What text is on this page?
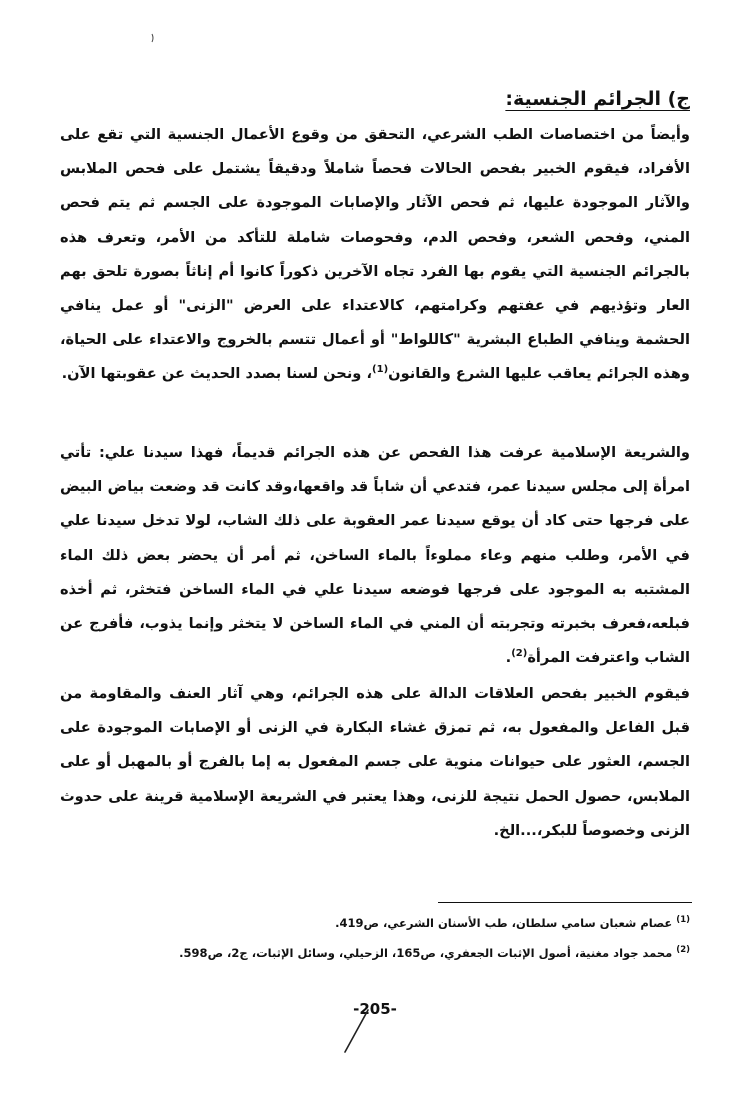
ج) الجرائم الجنسية:

وأيضاً من اختصاصات الطب الشرعي، التحقق من وقوع الأعمال الجنسية التي تقع على الأفراد، فيقوم الخبير بفحص الحالات فحصاً شاملاً ودقيقاً يشتمل على فحص الملابس والآثار الموجودة عليها، ثم فحص الآثار والإصابات الموجودة على الجسم ثم يتم فحص المني، وفحص الشعر، وفحص الدم، وفحوصات شاملة للتأكد من الأمر، وتعرف هذه بالجرائم الجنسية التي يقوم بها الفرد تجاه الآخرين ذكوراً كانوا أم إناثاً بصورة تلحق بهم العار وتؤذيهم في عفتهم وكرامتهم، كالاعتداء على العرض "الزنى" أو عمل ينافي الحشمة وينافي الطباع البشرية "كاللواط" أو أعمال تتسم بالخروج والاعتداء على الحياة، وهذه الجرائم يعاقب عليها الشرع والقانون$^{(1)}$، ونحن لسنا بصدد الحديث عن عقوبتها الآن.

والشريعة الإسلامية عرفت هذا الفحص عن هذه الجرائم قديماً، فهذا سيدنا علي: تأتي امرأة إلى مجلس سيدنا عمر، فتدعي أن شاباً قد واقعها،وقد كانت قد وضعت بياض البيض على فرجها حتى كاد أن يوقع سيدنا عمر العقوبة على ذلك الشاب، لولا تدخل سيدنا علي في الأمر، وطلب منهم وعاء مملوءاً بالماء الساخن، ثم أمر أن يحضر بعض ذلك الماء المشتبه به الموجود على فرجها فوضعه سيدنا علي في الماء الساخن فتخثر، ثم أخذه فبلعه،فعرف بخبرته وتجربته أن المني في الماء الساخن لا يتخثر وإنما يذوب، فأفرج عن الشاب واعترفت المرأة$^{(2)}$.

فيقوم الخبير بفحص العلاقات الدالة على هذه الجرائم، وهي آثار العنف والمقاومة من قبل الفاعل والمفعول به، ثم تمزق غشاء البكارة في الزنى أو الإصابات الموجودة على الجسم، العثور على حيوانات منوية على جسم المفعول به إما بالفرج أو بالمهبل أو على الملابس، حصول الحمل نتيجة للزنى، وهذا يعتبر في الشريعة الإسلامية قرينة على حدوث الزنى وخصوصاً للبكر،...الخ.

$^{(1)}$ عصام شعبان سامي سلطان، طب الأسنان الشرعي، ص419.

$^{(2)}$ محمد جواد مغنية، أصول الإثبات الجعفري، ص165، الزحيلي، وسائل الإثبات، ج2، ص598.

-205-
